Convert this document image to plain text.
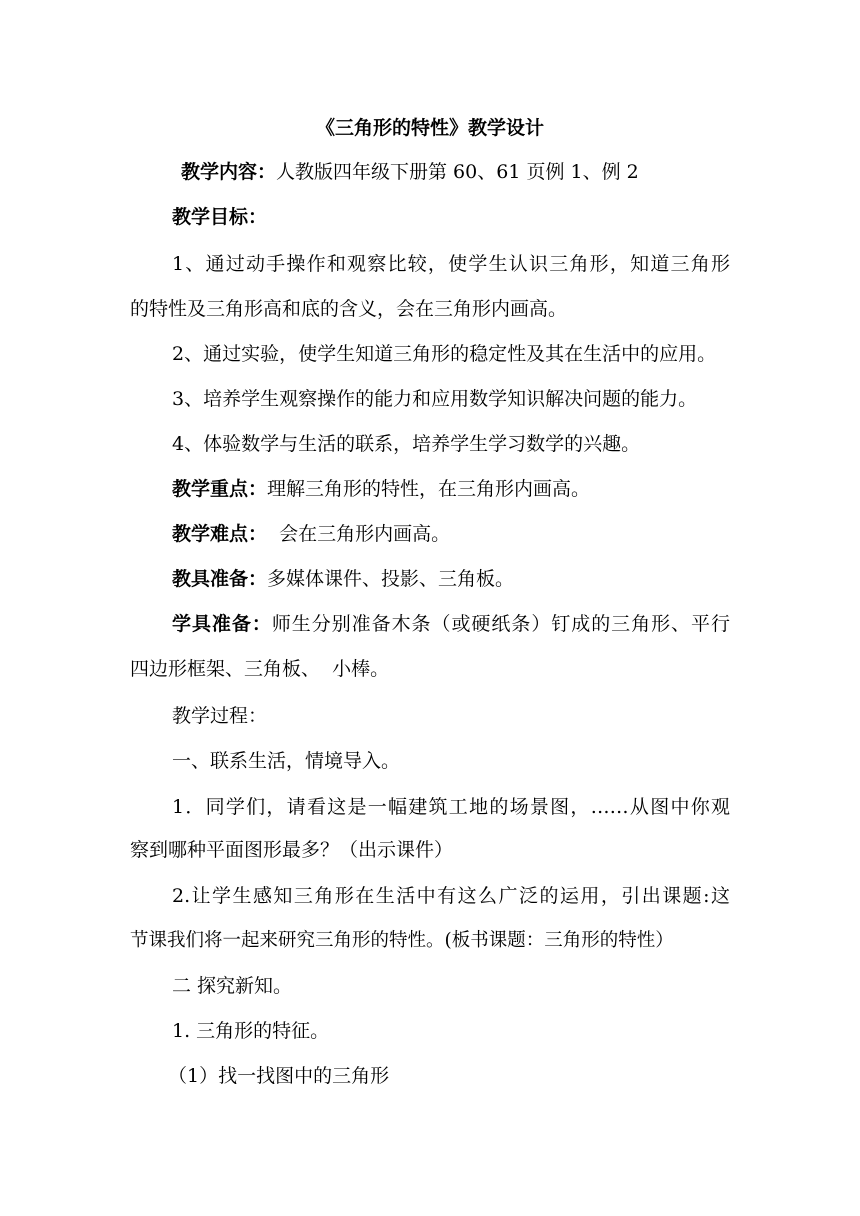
《三角形的特性》教学设计
教学内容：人教版四年级下册第 60、61 页例 1、例 2
教学目标：
1、通过动手操作和观察比较，使学生认识三角形，知道三角形
的特性及三角形高和底的含义，会在三角形内画高。
2、通过实验，使学生知道三角形的稳定性及其在生活中的应用。
3、培养学生观察操作的能力和应用数学知识解决问题的能力。
4、体验数学与生活的联系，培养学生学习数学的兴趣。
教学重点：理解三角形的特性，在三角形内画高。
教学难点：  会在三角形内画高。
教具准备：多媒体课件、投影、三角板。
学具准备：师生分别准备木条（或硬纸条）钉成的三角形、平行
四边形框架、三角板、  小棒。
教学过程：
一、联系生活，情境导入。
1．同学们，请看这是一幅建筑工地的场景图，……从图中你观
察到哪种平面图形最多？（出示课件）
2.让学生感知三角形在生活中有这么广泛的运用，引出课题:这
节课我们将一起来研究三角形的特性。(板书课题：三角形的特性）
二 探究新知。
1. 三角形的特征。
（1）找一找图中的三角形
